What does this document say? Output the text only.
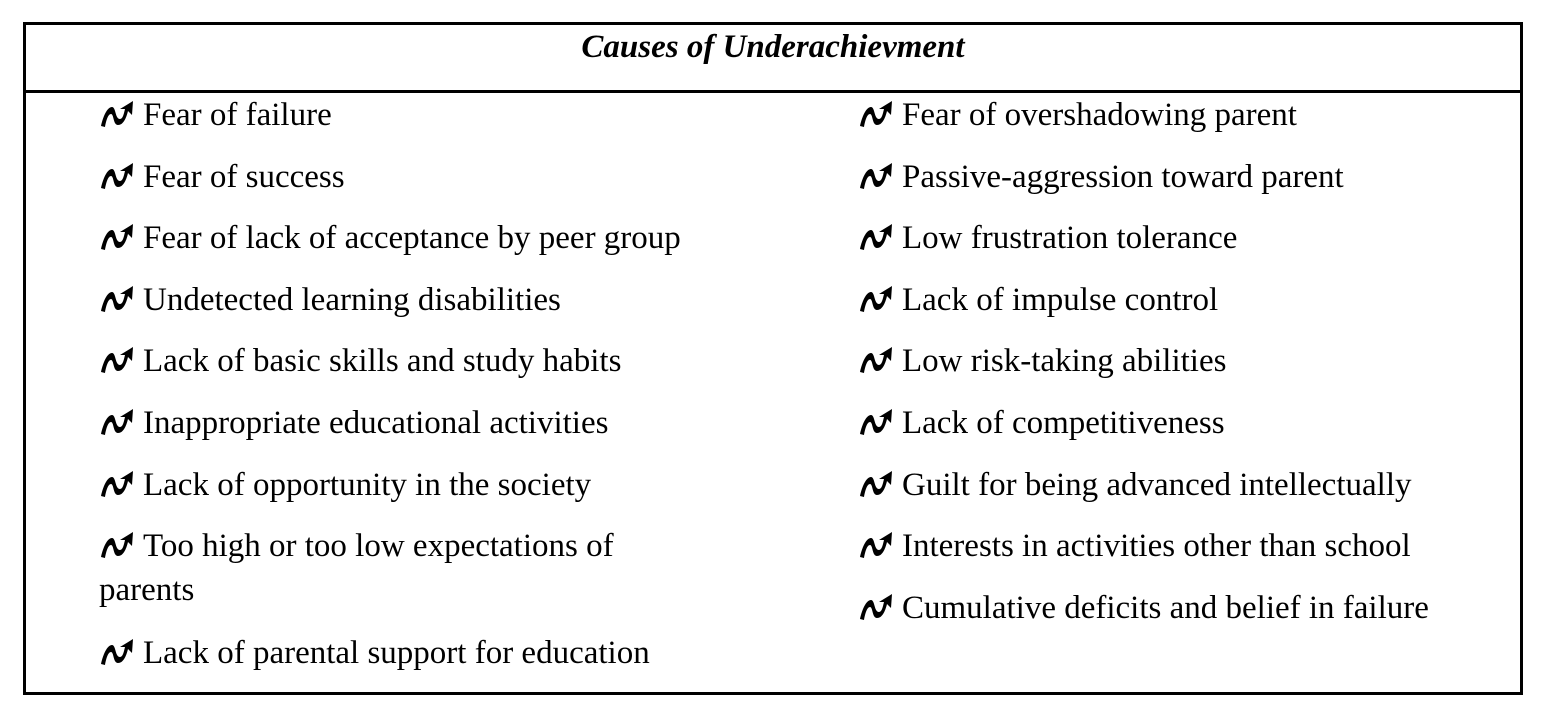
Causes of Underachievment
Fear of failure
Fear of success
Fear of lack of acceptance by peer group
Undetected learning disabilities
Lack of basic skills and study habits
Inappropriate educational activities
Lack of opportunity in the society
Too high or too low expectations of parents
Lack of parental support for education
Fear of overshadowing parent
Passive-aggression toward parent
Low frustration tolerance
Lack of impulse control
Low risk-taking abilities
Lack of competitiveness
Guilt for being advanced intellectually
Interests in activities other than school
Cumulative deficits and belief in failure
